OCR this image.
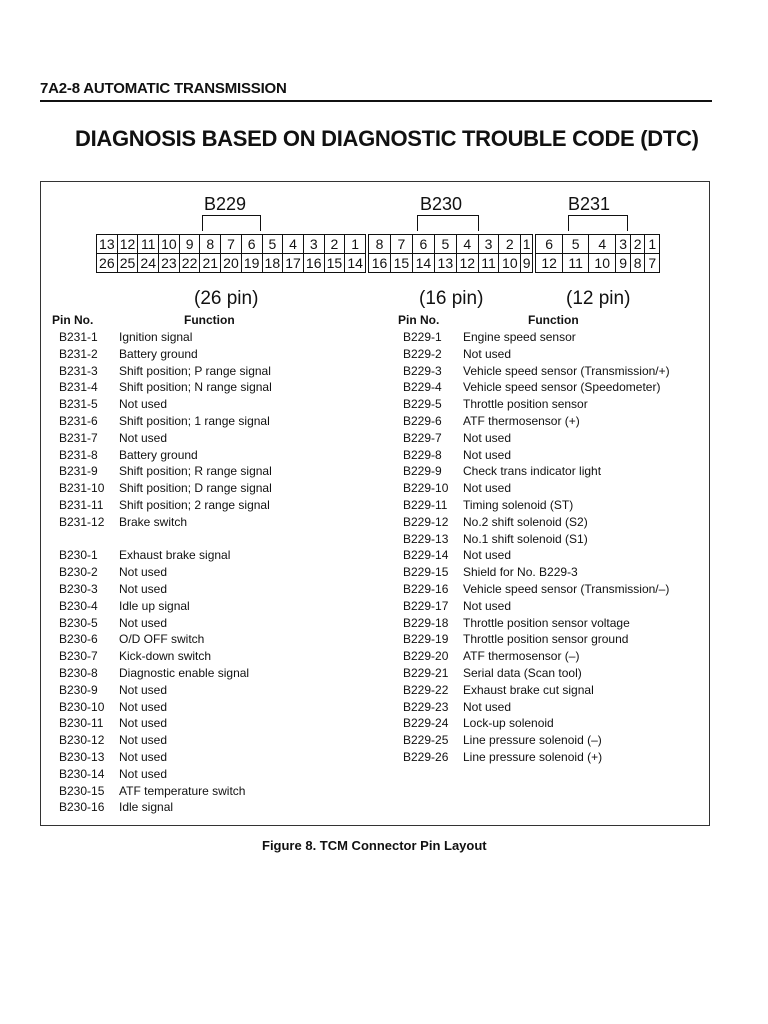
7A2-8 AUTOMATIC TRANSMISSION
DIAGNOSIS BASED ON DIAGNOSTIC TROUBLE CODE (DTC)
B229
13	12	11	10	9	8	7	6	5	4	3	2	1
26	25	24	23	22	21	20	19	18	17	16	15	14
(26 pin)
B230
8	7	6	5	4	3	2	1
16	15	14	13	12	11	10	9
(16 pin)
B231
6	5	4	3	2	1
12	11	10	9	8	7
(12 pin)
Pin No.	Function	Pin No.	Function
B231-1 Ignition signal
B231-2 Battery ground
B231-3 Shift position; P range signal
B231-4 Shift position; N range signal
B231-5 Not used
B231-6 Shift position; 1 range signal
B231-7 Not used
B231-8 Battery ground
B231-9 Shift position; R range signal
B231-10 Shift position; D range signal
B231-11 Shift position; 2 range signal
B231-12 Brake switch
B230-1 Exhaust brake signal
B230-2 Not used
B230-3 Not used
B230-4 Idle up signal
B230-5 Not used
B230-6 O/D OFF switch
B230-7 Kick-down switch
B230-8 Diagnostic enable signal
B230-9 Not used
B230-10 Not used
B230-11 Not used
B230-12 Not used
B230-13 Not used
B230-14 Not used
B230-15 ATF temperature switch
B230-16 Idle signal
B229-1 Engine speed sensor
B229-2 Not used
B229-3 Vehicle speed sensor (Transmission/+)
B229-4 Vehicle speed sensor (Speedometer)
B229-5 Throttle position sensor
B229-6 ATF thermosensor (+)
B229-7 Not used
B229-8 Not used
B229-9 Check trans indicator light
B229-10 Not used
B229-11 Timing solenoid (ST)
B229-12 No.2 shift solenoid (S2)
B229-13 No.1 shift solenoid (S1)
B229-14 Not used
B229-15 Shield for No. B229-3
B229-16 Vehicle speed sensor (Transmission/–)
B229-17 Not used
B229-18 Throttle position sensor voltage
B229-19 Throttle position sensor ground
B229-20 ATF thermosensor (–)
B229-21 Serial data (Scan tool)
B229-22 Exhaust brake cut signal
B229-23 Not used
B229-24 Lock-up solenoid
B229-25 Line pressure solenoid (–)
B229-26 Line pressure solenoid (+)
Figure 8. TCM Connector Pin Layout
